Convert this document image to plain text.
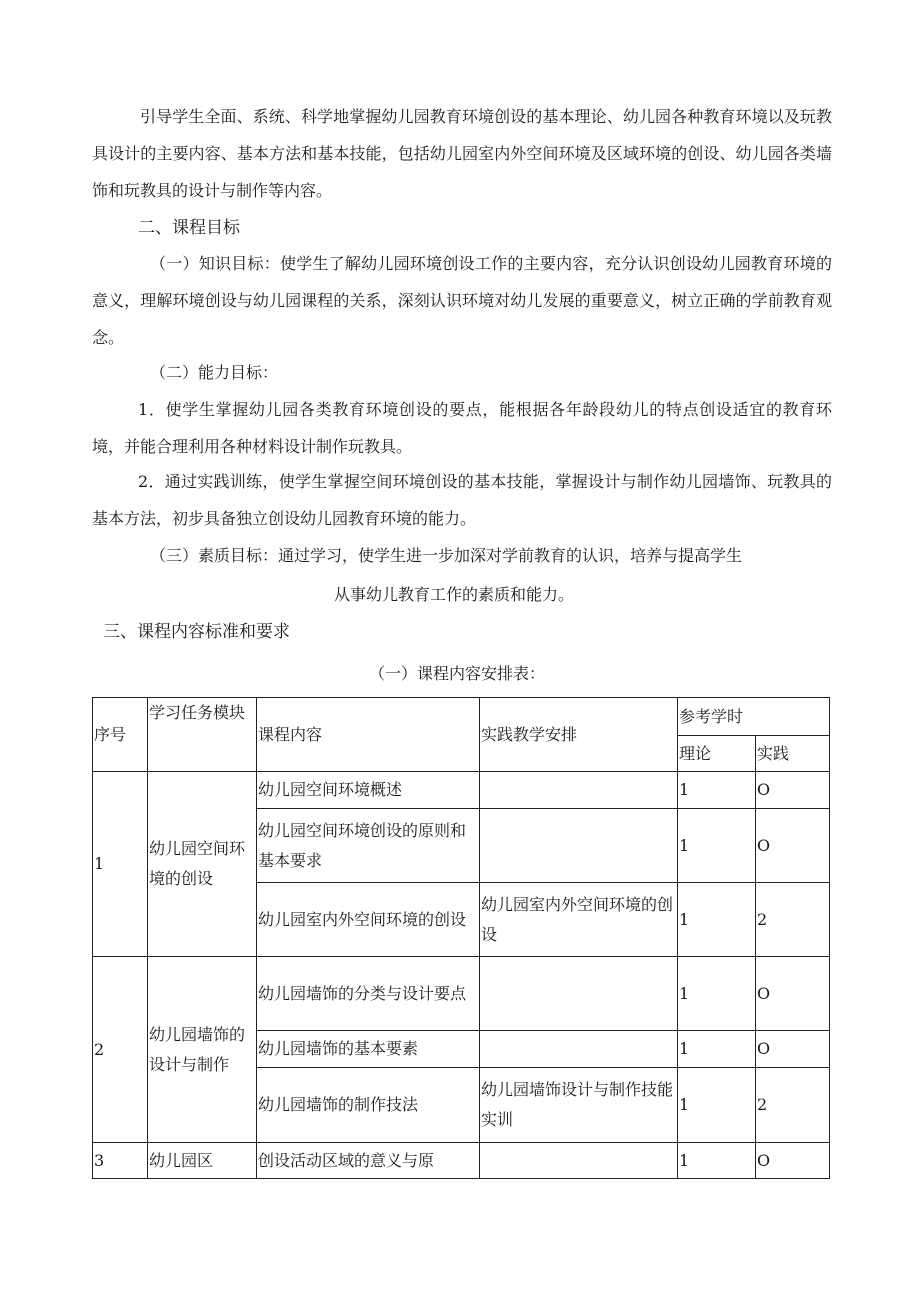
引导学生全面、系统、科学地掌握幼儿园教育环境创设的基本理论、幼儿园各种教育环境以及玩教具设计的主要内容、基本方法和基本技能，包括幼儿园室内外空间环境及区域环境的创设、幼儿园各类墙饰和玩教具的设计与制作等内容。

二、课程目标

（一）知识目标：使学生了解幼儿园环境创设工作的主要内容，充分认识创设幼儿园教育环境的意义，理解环境创设与幼儿园课程的关系，深刻认识环境对幼儿发展的重要意义，树立正确的学前教育观念。

（二）能力目标：

1．使学生掌握幼儿园各类教育环境创设的要点，能根据各年龄段幼儿的特点创设适宜的教育环境，并能合理利用各种材料设计制作玩教具。

2．通过实践训练，使学生掌握空间环境创设的基本技能，掌握设计与制作幼儿园墙饰、玩教具的基本方法，初步具备独立创设幼儿园教育环境的能力。

（三）素质目标：通过学习，使学生进一步加深对学前教育的认识，培养与提高学生

从事幼儿教育工作的素质和能力。

三、课程内容标准和要求

（一）课程内容安排表：

序号	学习任务模块	课程内容	实践教学安排	参考学时	
				理论	实践
1	幼儿园空间环境的创设	幼儿园空间环境概述		1	O
		幼儿园空间环境创设的原则和基本要求		1	O
		幼儿园室内外空间环境的创设	幼儿园室内外空间环境的创设	1	2
2	幼儿园墙饰的设计与制作	幼儿园墙饰的分类与设计要点		1	O
		幼儿园墙饰的基本要素		1	O
		幼儿园墙饰的制作技法	幼儿园墙饰设计与制作技能实训	1	2
3	幼儿园区	创设活动区域的意义与原		1	O
